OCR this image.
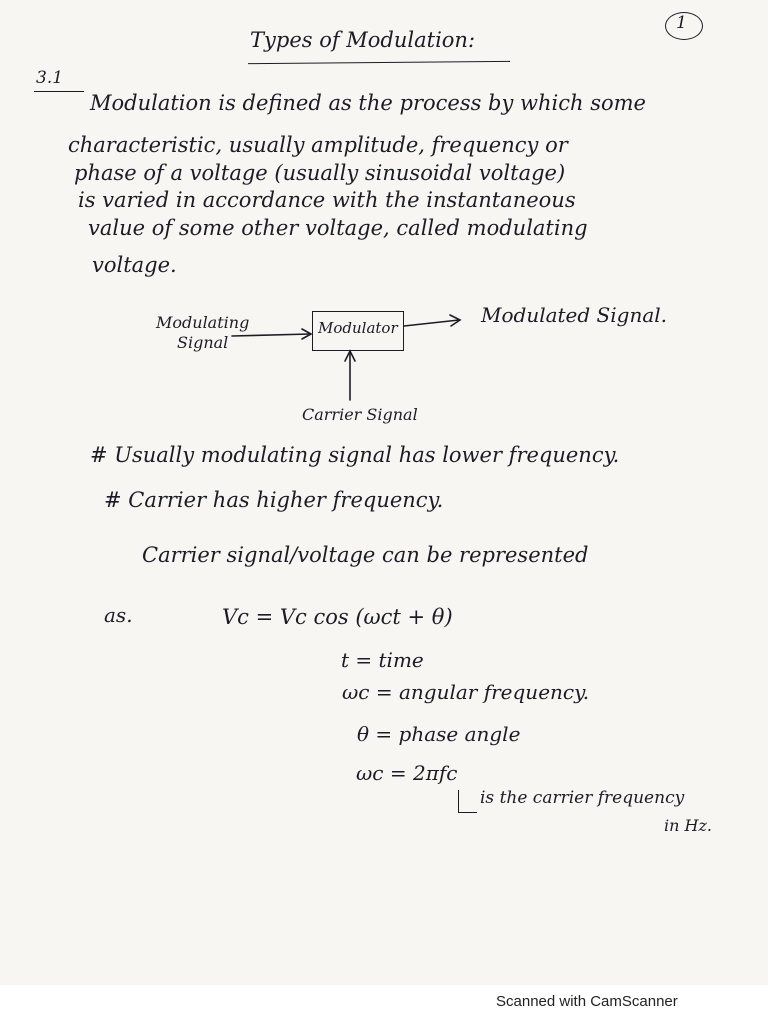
1
Types of Modulation:
3.1
Modulation is defined as the process by which some
characteristic, usually amplitude, frequency or
phase of a voltage (usually sinusoidal voltage)
is varied in accordance with the instantaneous
value of some other voltage, called modulating
voltage.
Modulating
Signal
Modulator
Modulated Signal.
Carrier Signal
# Usually modulating signal has lower frequency.
# Carrier has higher frequency.
Carrier signal/voltage can be represented
as.	Vc = Vc cos (ωct + θ)
t = time
ωc = angular frequency.
θ = phase angle
ωc = 2πfc
is the carrier frequency
in Hz.
Scanned with CamScanner
